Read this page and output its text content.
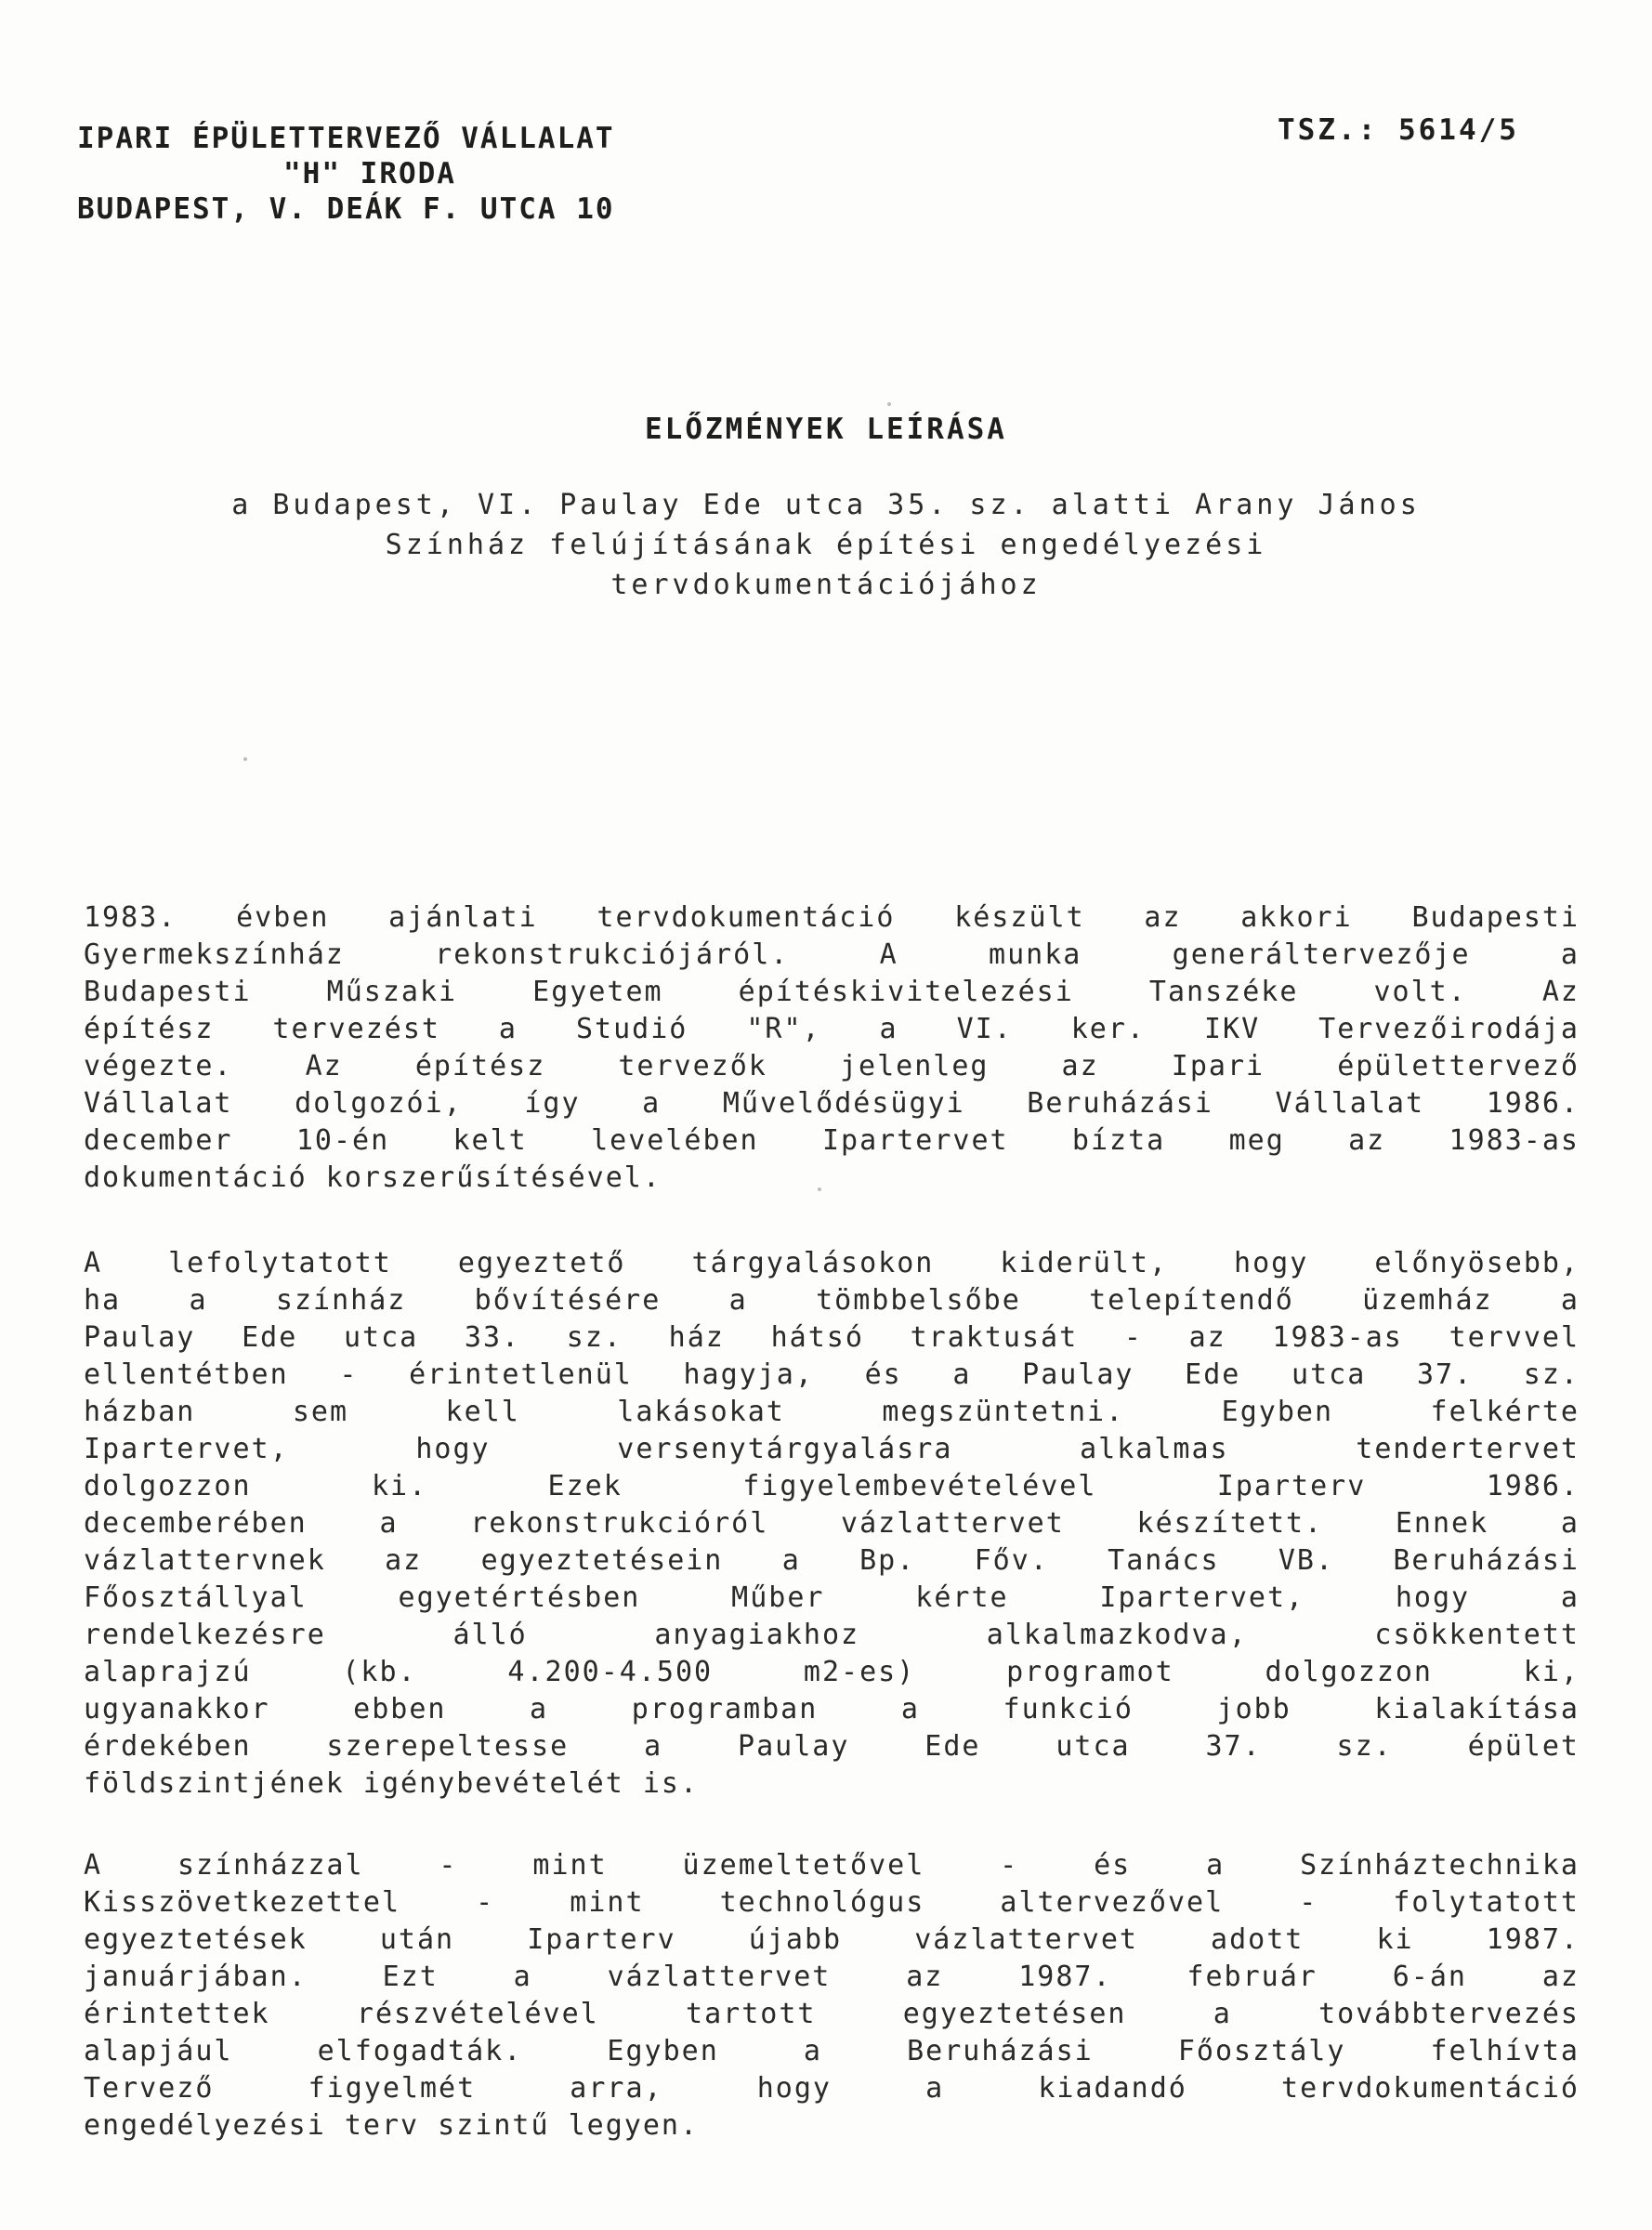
IPARI ÉPÜLETTERVEZŐ VÁLLALAT
"H" IRODA
BUDAPEST, V. DEÁK F. UTCA 10
TSZ.: 5614/5
ELŐZMÉNYEK LEÍRÁSA
a Budapest, VI. Paulay Ede utca 35. sz. alatti Arany János
Színház felújításának építési engedélyezési
tervdokumentációjához
1983. évben ajánlati tervdokumentáció készült az akkori Budapesti
Gyermekszínház rekonstrukciójáról. A munka generáltervezője a
Budapesti Műszaki Egyetem építéskivitelezési Tanszéke volt. Az
építész tervezést a Studió "R", a VI. ker. IKV Tervezőirodája
végezte. Az építész tervezők jelenleg az Ipari épülettervező
Vállalat dolgozói, így a Művelődésügyi Beruházási Vállalat 1986.
december 10-én kelt levelében Ipartervet bízta meg az 1983-as
dokumentáció korszerűsítésével.
A lefolytatott egyeztető tárgyalásokon kiderült, hogy előnyösebb,
ha a színház bővítésére a tömbbelsőbe telepítendő üzemház a
Paulay Ede utca 33. sz. ház hátsó traktusát - az 1983-as tervvel
ellentétben - érintetlenül hagyja, és a Paulay Ede utca 37. sz.
házban sem kell lakásokat megszüntetni. Egyben felkérte
Ipartervet, hogy versenytárgyalásra alkalmas tendertervet
dolgozzon ki. Ezek figyelembevételével Iparterv 1986.
decemberében a rekonstrukcióról vázlattervet készített. Ennek a
vázlattervnek az egyeztetésein a Bp. Főv. Tanács VB. Beruházási
Főosztállyal egyetértésben Műber kérte Ipartervet, hogy a
rendelkezésre álló anyagiakhoz alkalmazkodva, csökkentett
alaprajzú (kb. 4.200-4.500 m2-es) programot dolgozzon ki,
ugyanakkor ebben a programban a funkció jobb kialakítása
érdekében szerepeltesse a Paulay Ede utca 37. sz. épület
földszintjének igénybevételét is.
A színházzal - mint üzemeltetővel - és a Színháztechnika
Kisszövetkezettel - mint technológus altervezővel - folytatott
egyeztetések után Iparterv újabb vázlattervet adott ki 1987.
januárjában. Ezt a vázlattervet az 1987. február 6-án az
érintettek részvételével tartott egyeztetésen a továbbtervezés
alapjául elfogadták. Egyben a Beruházási Főosztály felhívta
Tervező figyelmét arra, hogy a kiadandó tervdokumentáció
engedélyezési terv szintű legyen.
